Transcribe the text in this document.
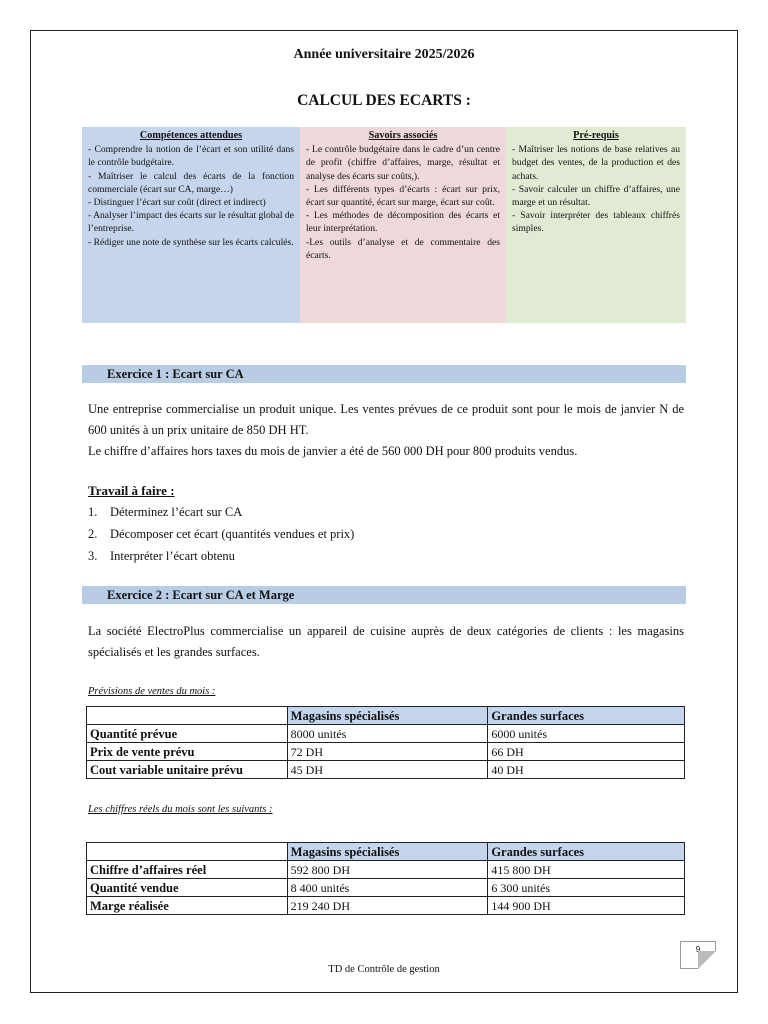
Année universitaire 2025/2026
CALCUL DES ECARTS :
Compétences attendues

- Comprendre la notion de l’écart et son utilité dans le contrôle budgétaire.

- Maîtriser le calcul des écarts de la fonction commerciale (écart sur CA, marge…)

- Distinguer l’écart sur coût (direct et indirect)

- Analyser l’impact des écarts sur le résultat global de l’entreprise.

- Rédiger une note de synthèse sur les écarts calculés.

Savoirs associés

- Le contrôle budgétaire dans le cadre d’un centre de profit (chiffre d’affaires, marge, résultat et analyse des écarts sur coûts,).

- Les différents types d’écarts : écart sur prix, écart sur quantité, écart sur marge, écart sur coût.

- Les méthodes de décomposition des écarts et leur interprétation.

-Les outils d’analyse et de commentaire des écarts.

Pré-requis

- Maîtriser les notions de base relatives au budget des ventes, de la production et des achats.

- Savoir calculer un chiffre d’affaires, une marge et un résultat.

- Savoir interpréter des tableaux chiffrés simples.

Exercice 1 : Ecart sur CA

Une entreprise commercialise un produit unique. Les ventes prévues de ce produit sont pour le mois de janvier N de 600 unités à un prix unitaire de 850 DH HT.

Le chiffre d’affaires hors taxes du mois de janvier a été de 560 000 DH pour 800 produits vendus.

Travail à faire :
1. Déterminez l’écart sur CA
2. Décomposer cet écart (quantités vendues et prix)
3. Interpréter l’écart obtenu
Exercice 2 : Ecart sur CA et Marge

La société ElectroPlus commercialise un appareil de cuisine auprès de deux catégories de clients : les magasins spécialisés et les grandes surfaces.

Prévisions de ventes du mois :
	Magasins spécialisés	Grandes surfaces
Quantité prévue	8000 unités	6000 unités
Prix de vente prévu	72 DH	66 DH
Cout variable unitaire prévu	45 DH	40 DH
Les chiffres réels du mois sont les suivants :
	Magasins spécialisés	Grandes surfaces
Chiffre d’affaires réel	592 800 DH	415 800 DH
Quantité vendue	8 400 unités	6 300 unités
Marge réalisée	219 240 DH	144 900 DH
9
TD de Contrôle de gestion
